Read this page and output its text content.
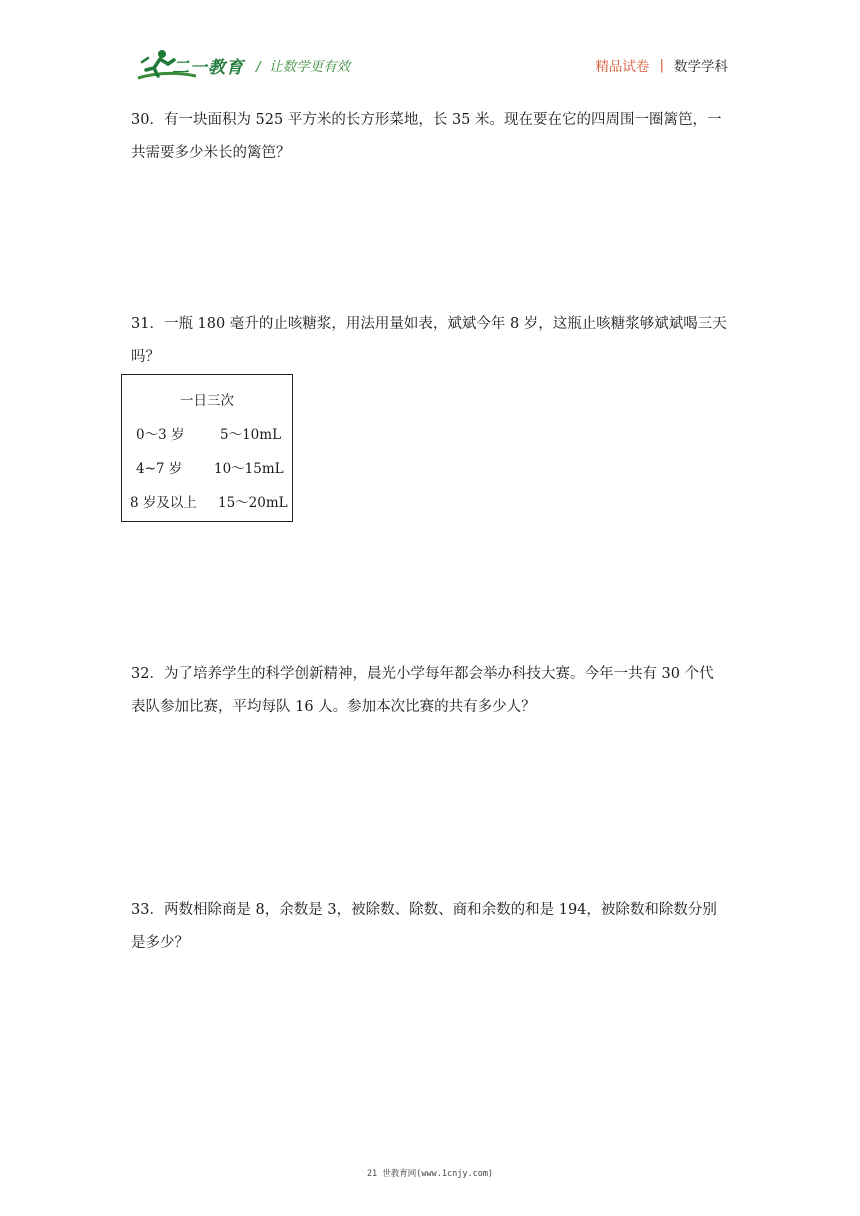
二一教育 / 让数学更有效	精品试卷 | 数学学科
30．有一块面积为 525 平方米的长方形菜地，长 35 米。现在要在它的四周围一圈篱笆，一
共需要多少米长的篱笆？
31．一瓶 180 毫升的止咳糖浆，用法用量如表，斌斌今年 8 岁，这瓶止咳糖浆够斌斌喝三天
吗？
一日三次
0～3 岁	5～10mL
4~7 岁 10～15mL
8 岁及以上 15～20mL
32．为了培养学生的科学创新精神，晨光小学每年都会举办科技大赛。今年一共有 30 个代
表队参加比赛，平均每队 16 人。参加本次比赛的共有多少人？
33．两数相除商是 8，余数是 3，被除数、除数、商和余数的和是 194，被除数和除数分别
是多少？
21 世教育网(www.1cnjy.com)
